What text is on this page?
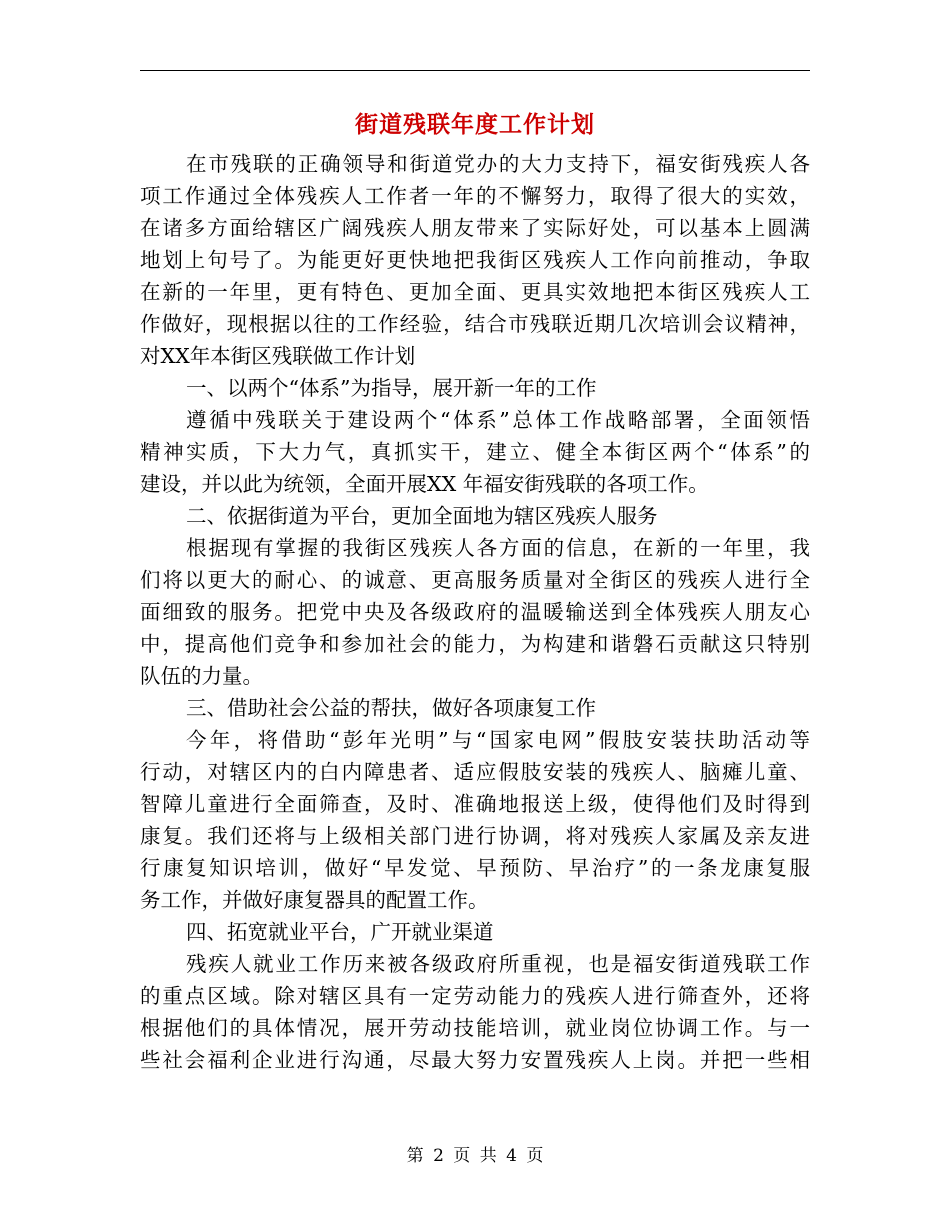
街道残联年度工作计划
在市残联的正确领导和街道党办的大力支持下，福安街残疾人各
项工作通过全体残疾人工作者一年的不懈努力，取得了很大的实效，
在诸多方面给辖区广阔残疾人朋友带来了实际好处，可以基本上圆满
地划上句号了。为能更好更快地把我街区残疾人工作向前推动，争取
在新的一年里，更有特色、更加全面、更具实效地把本街区残疾人工
作做好，现根据以往的工作经验，结合市残联近期几次培训会议精神，
对XX年本街区残联做工作计划
一、以两个“体系”为指导，展开新一年的工作
遵循中残联关于建设两个“体系”总体工作战略部署，全面领悟
精神实质，下大力气，真抓实干，建立、健全本街区两个“体系”的
建设，并以此为统领，全面开展XX 年福安街残联的各项工作。
二、依据街道为平台，更加全面地为辖区残疾人服务
根据现有掌握的我街区残疾人各方面的信息，在新的一年里，我
们将以更大的耐心、的诚意、更高服务质量对全街区的残疾人进行全
面细致的服务。把党中央及各级政府的温暖输送到全体残疾人朋友心
中，提高他们竞争和参加社会的能力，为构建和谐磐石贡献这只特别
队伍的力量。
三、借助社会公益的帮扶，做好各项康复工作
今年，将借助“彭年光明”与“国家电网”假肢安装扶助活动等
行动，对辖区内的白内障患者、适应假肢安装的残疾人、脑瘫儿童、
智障儿童进行全面筛查，及时、准确地报送上级，使得他们及时得到
康复。我们还将与上级相关部门进行协调，将对残疾人家属及亲友进
行康复知识培训，做好“早发觉、早预防、早治疗”的一条龙康复服
务工作，并做好康复器具的配置工作。
四、拓宽就业平台，广开就业渠道
残疾人就业工作历来被各级政府所重视，也是福安街道残联工作
的重点区域。除对辖区具有一定劳动能力的残疾人进行筛查外，还将
根据他们的具体情况，展开劳动技能培训，就业岗位协调工作。与一
些社会福利企业进行沟通，尽最大努力安置残疾人上岗。并把一些相
第 2 页 共 4 页
